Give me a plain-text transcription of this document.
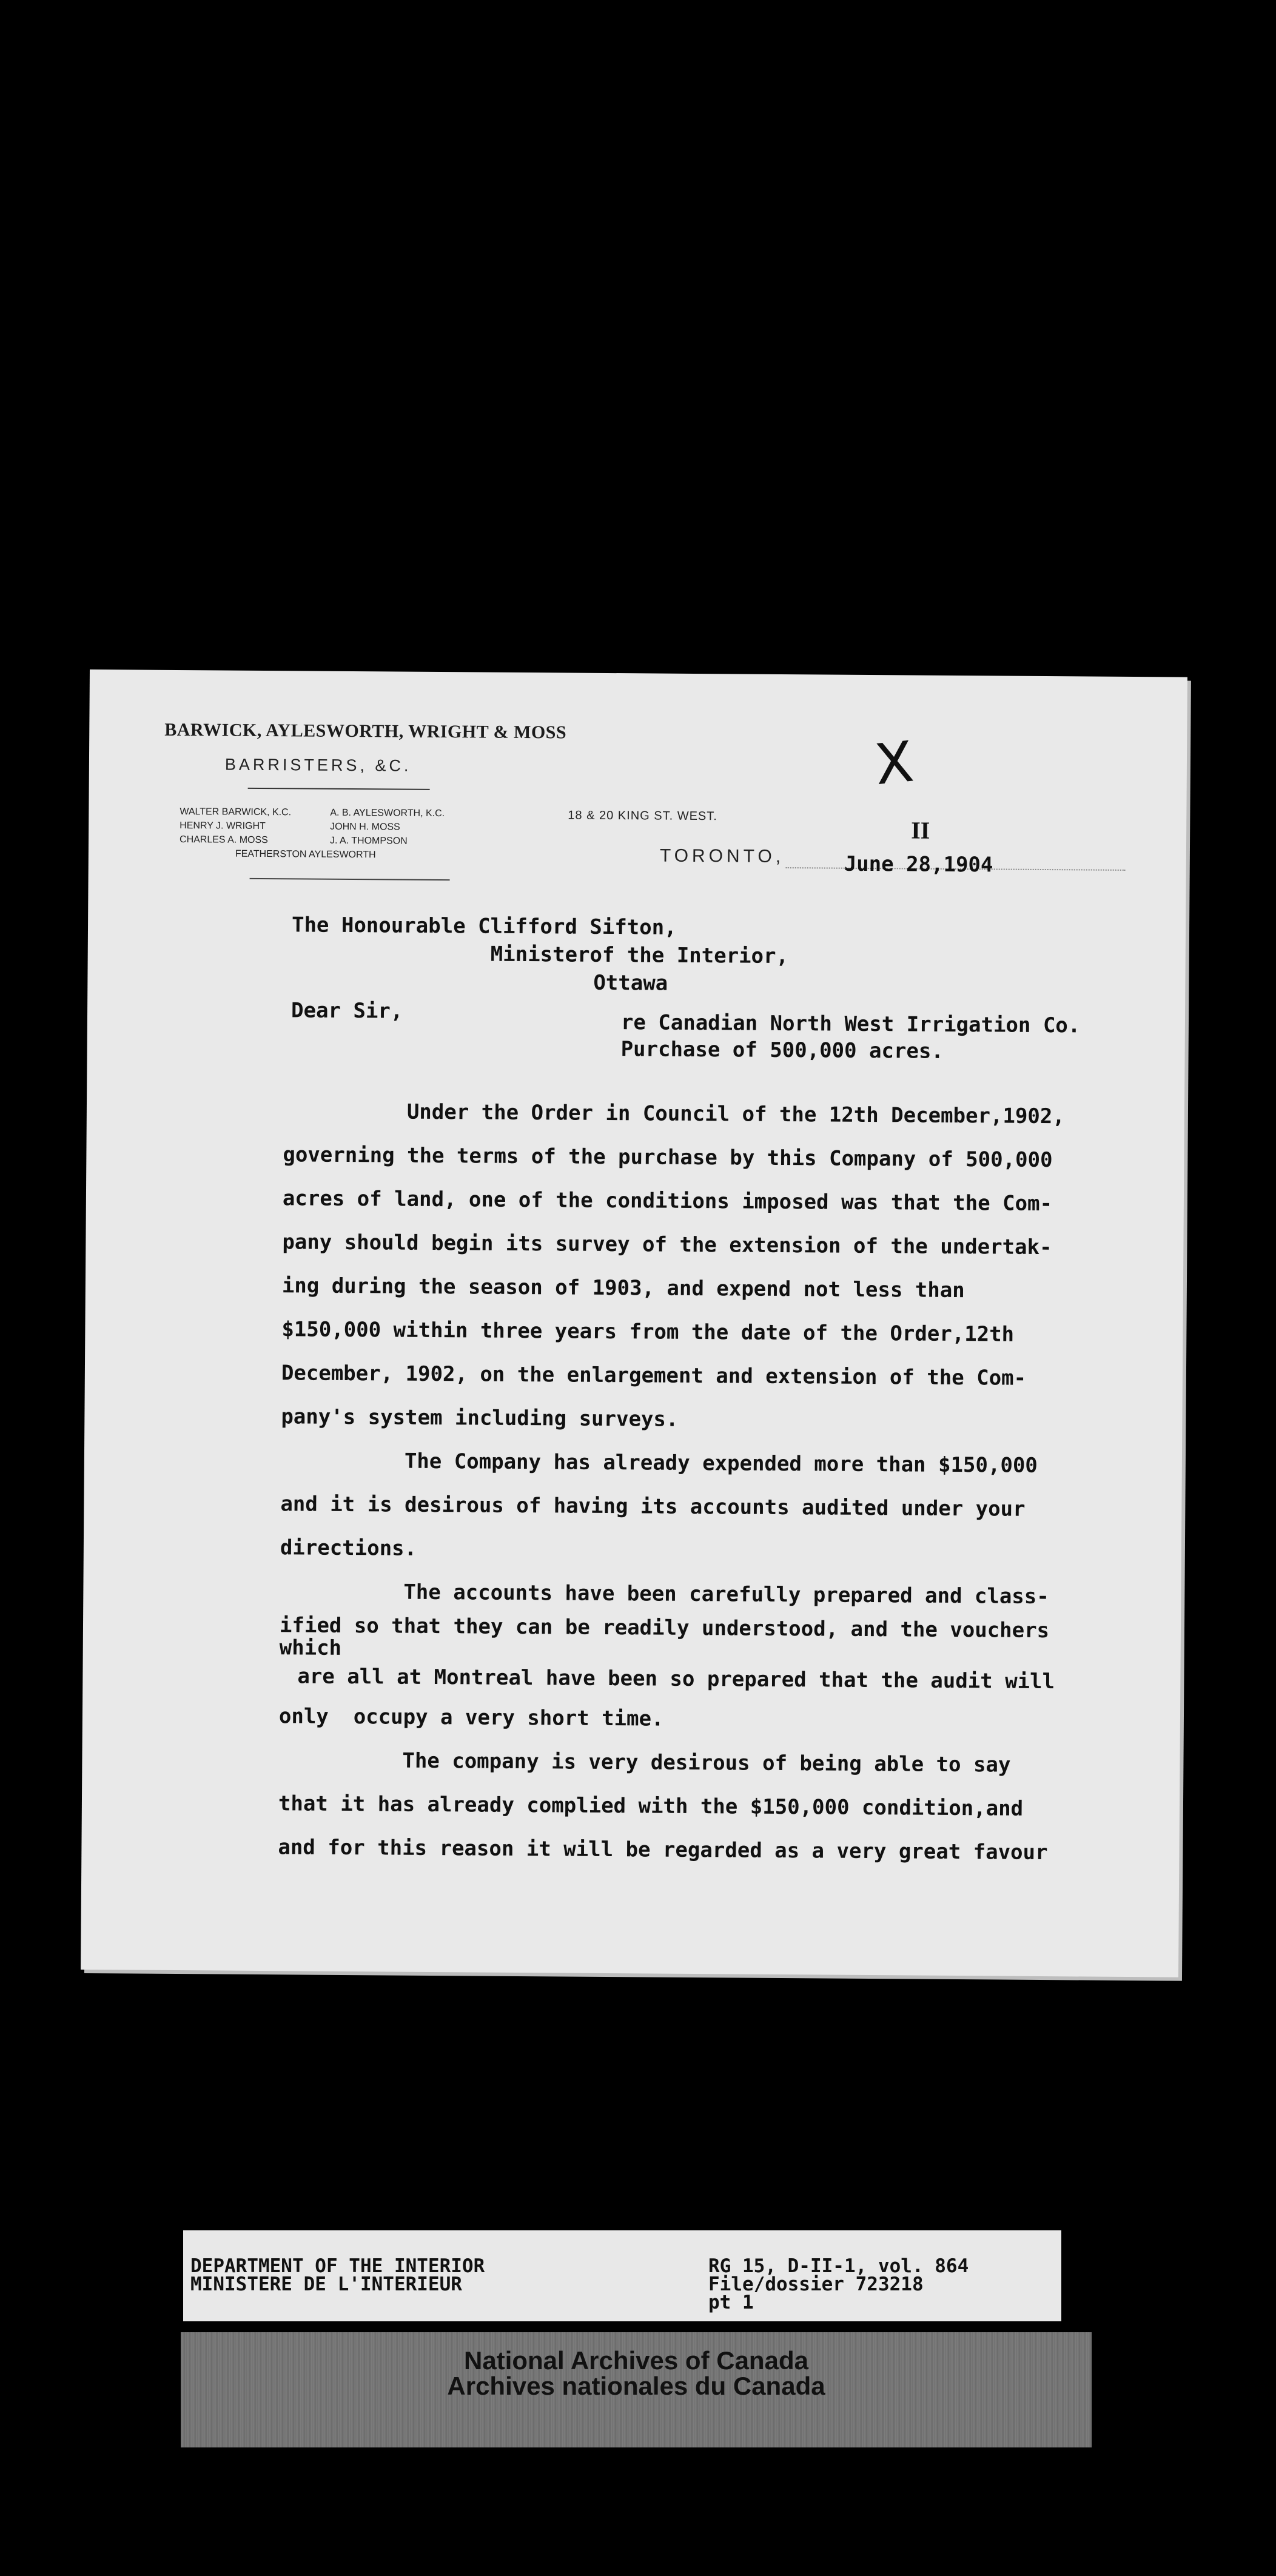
BARWICK, AYLESWORTH, WRIGHT & MOSS
BARRISTERS, &C.
WALTER BARWICK, K.C.
HENRY J. WRIGHT
CHARLES A. MOSS
A. B. AYLESWORTH, K.C.
JOHN H. MOSS
J. A. THOMPSON
FEATHERSTON AYLESWORTH
18 & 20 KING ST. WEST.
TORONTO,	June 28,1904
II
X
The Honourable Clifford Sifton,
Ministerof the Interior,
Ottawa
Dear Sir,	re Canadian North West Irrigation Co.
Purchase of 500,000 acres.
Under the Order in Council of the 12th December,1902,
governing the terms of the purchase by this Company of 500,000
acres of land, one of the conditions imposed was that the Com-
pany should begin its survey of the extension of the undertak-
ing during the season of 1903, and expend not less than
$150,000 within three years from the date of the Order,12th
December, 1902, on the enlargement and extension of the Com-
pany's system including surveys.
The Company has already expended more than $150,000
and it is desirous of having its accounts audited under your
directions.
The accounts have been carefully prepared and class-
ified so that they can be readily understood, and the vouchers
which
are all at Montreal have been so prepared that the audit will
only  occupy a very short time.
The company is very desirous of being able to say
that it has already complied with the $150,000 condition,and
and for this reason it will be regarded as a very great favour
DEPARTMENT OF THE INTERIOR
MINISTERE DE L'INTERIEUR
RG 15, D-II-1, vol. 864
File/dossier 723218
pt 1
National Archives of Canada
Archives nationales du Canada
